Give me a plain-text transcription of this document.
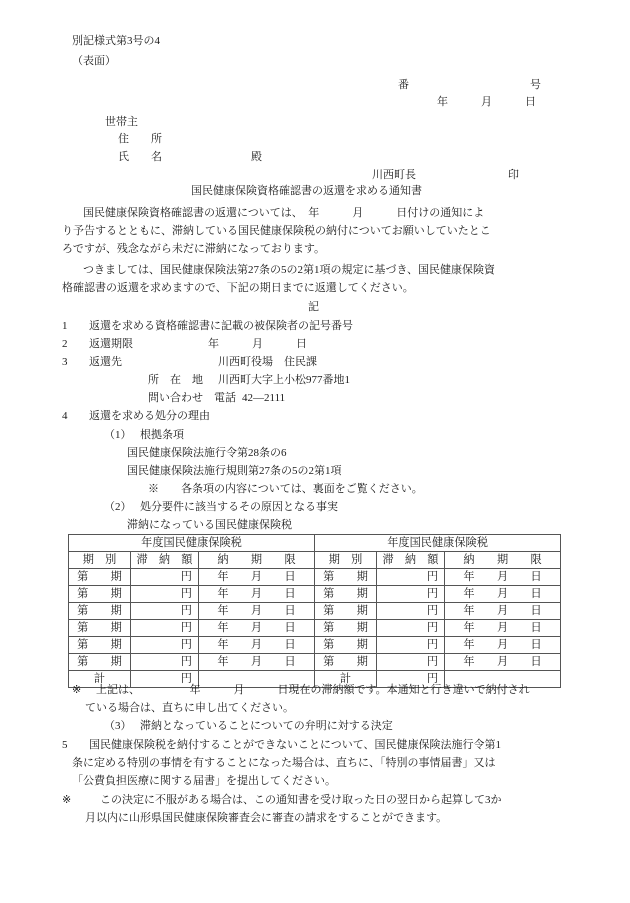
別記様式第3号の4
（表面）
番　　　　　　　　　　　号
年　　　月　　　日
世帯主
住　　所
氏　　名	殿
川西町長	印
国民健康保険資格確認書の返還を求める通知書
　国民健康保険資格確認書の返還については、　年　　　月　　　日付けの通知によ
り予告するとともに、滞納している国民健康保険税の納付についてお願いしていたとこ
ろですが、残念ながら未だに滞納になっております。
　つきましては、国民健康保険法第27条の5の2第1項の規定に基づき、国民健康保険資
格確認書の返還を求めますので、下記の期日までに返還してください。
記
1 返還を求める資格確認書に記載の被保険者の記号番号
2 返還期限	年　　　月　　　日
3 返還先	川西町役場　住民課
所　在　地 川西町大字上小松977番地1
問い合わせ　電話 42—2111
4 返還を求める処分の理由
（1） 根拠条項
国民健康保険法施行令第28条の6
国民健康保険法施行規則第27条の5の2第1項
※　　各条項の内容については、裏面をご覧ください。
（2） 処分要件に該当するその原因となる事実
滞納になっている国民健康保険税
年度国民健康保険税			年度国民健康保険税		
期　別	滞　納　額	納　　期　　限	期　別	滞　納　額	納　　期　　限
第　　期	円	年　　月　　日	第　　期	円	年　　月　　日
第　　期	円	年　　月　　日	第　　期	円	年　　月　　日
第　　期	円	年　　月　　日	第　　期	円	年　　月　　日
第　　期	円	年　　月　　日	第　　期	円	年　　月　　日
第　　期	円	年　　月　　日	第　　期	円	年　　月　　日
第　　期	円	年　　月　　日	第　　期	円	年　　月　　日
計	円		計	円	
※ 上記は、　　　　　年　　　月　　　日現在の滞納額です。本通知と行き違いで納付され
ている場合は、直ちに申し出てください。
（3） 滞納となっていることについての弁明に対する決定
5 国民健康保険税を納付することができないことについて、国民健康保険法施行令第1
条に定める特別の事情を有することになった場合は、直ちに、「特別の事情届書」又は
「公費負担医療に関する届書」を提出してください。
※ 　この決定に不服がある場合は、この通知書を受け取った日の翌日から起算して3か
月以内に山形県国民健康保険審査会に審査の請求をすることができます。
